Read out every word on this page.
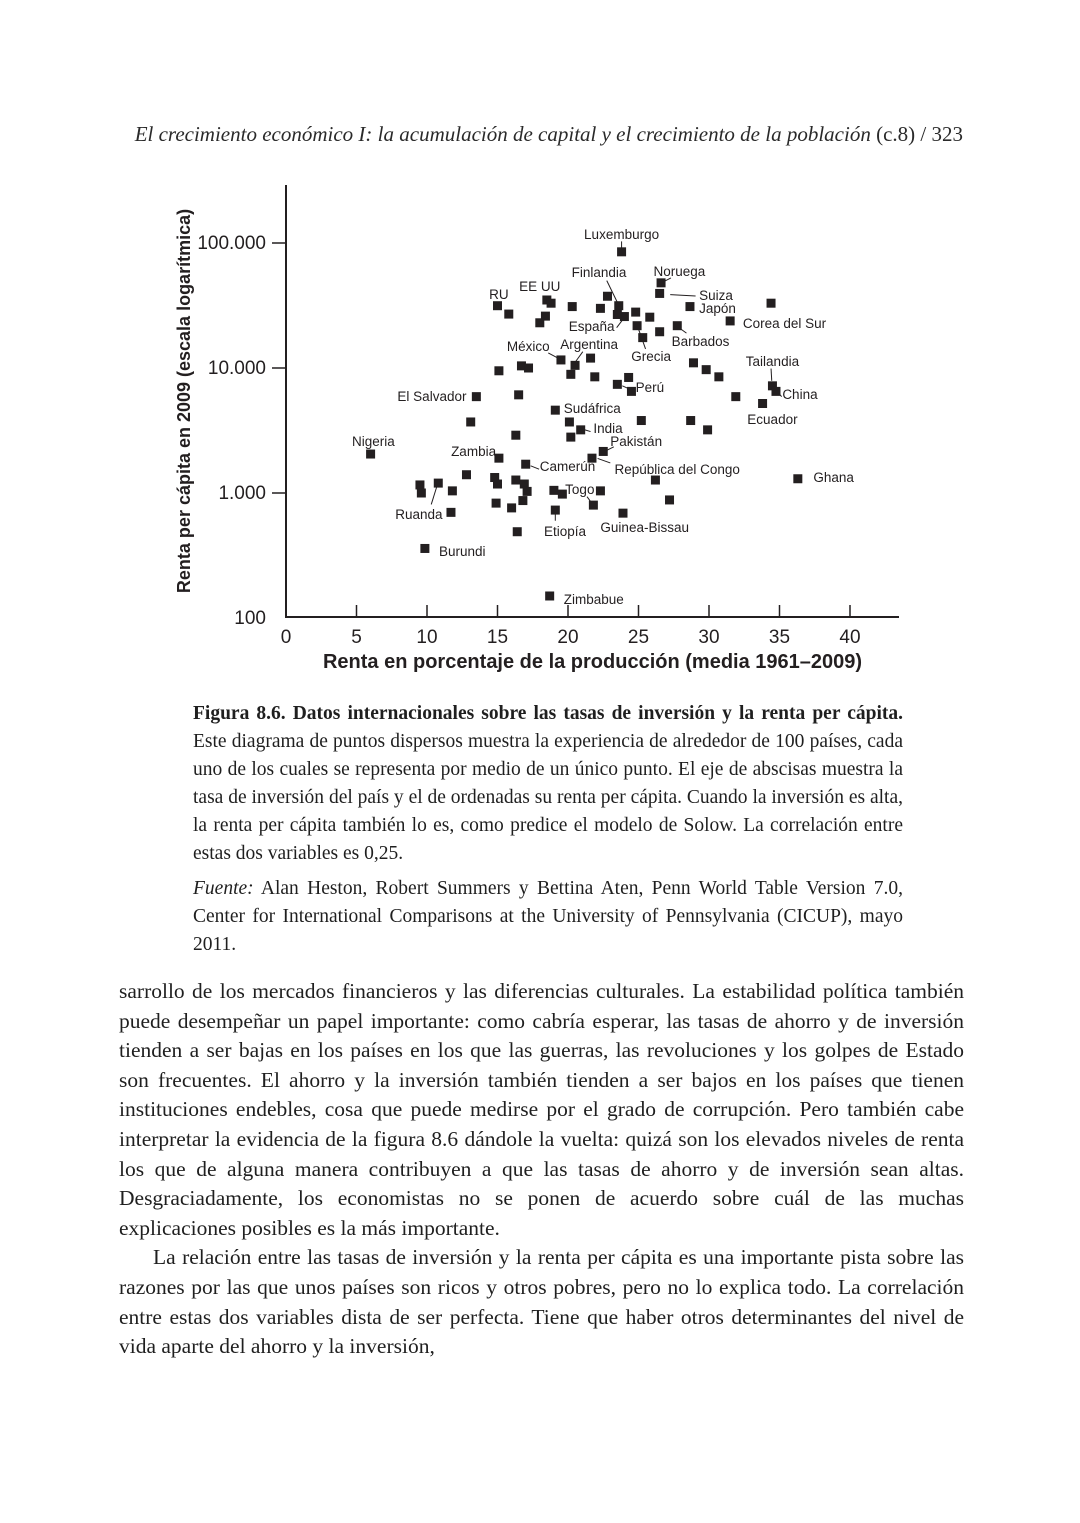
El crecimiento económico I: la acumulación de capital y el crecimiento de la población (c.8) / 323
0	5	10	15	20	25	30	35	40
100.000
10.000
1.000
100
Luxemburgo
Noruega
Suiza
EE UU
Finlandia
RU
Japón
España	Corea del Sur
Barbados
Grecia
México Argentina
Perú
Tailandia
China
Ecuador
El Salvador
Sudáfrica
India
Pakistán
República del Congo
Nigeria
Zambia
Camerún
Togo
Ghana
Ruanda
Etiopía Guinea-Bissau
Burundi
Zimbabue
Renta en porcentaje de la producción (media 1961–2009)
Renta per cápita en 2009 (escala logarítmica)

Figura 8.6. Datos internacionales sobre las tasas de inversión y la renta per cápita. Este diagrama de puntos dispersos muestra la experiencia de alrededor de 100 países, cada uno de los cuales se representa por medio de un único punto. El eje de abscisas muestra la tasa de inversión del país y el de ordenadas su renta per cápita. Cuando la inversión es alta, la renta per cápita también lo es, como predice el modelo de Solow. La correlación entre estas dos variables es 0,25.

Fuente: Alan Heston, Robert Summers y Bettina Aten, Penn World Table Version 7.0, Center for International Comparisons at the University of Pennsylvania (CICUP), mayo 2011.

sarrollo de los mercados financieros y las diferencias culturales. La estabilidad política también puede desempeñar un papel importante: como cabría esperar, las tasas de ahorro y de inversión tienden a ser bajas en los países en los que las guerras, las revoluciones y los golpes de Estado son frecuentes. El ahorro y la inversión también tienden a ser bajos en los países que tienen instituciones endebles, cosa que puede medirse por el grado de corrupción. Pero también cabe interpretar la evidencia de la figura 8.6 dándole la vuelta: quizá son los elevados niveles de renta los que de alguna manera contribuyen a que las tasas de ahorro y de inversión sean altas. Desgraciadamente, los economistas no se ponen de acuerdo sobre cuál de las muchas explicaciones posibles es la más importante.

La relación entre las tasas de inversión y la renta per cápita es una importante pista sobre las razones por las que unos países son ricos y otros pobres, pero no lo explica todo. La correlación entre estas dos variables dista de ser perfecta. Tiene que haber otros determinantes del nivel de vida aparte del ahorro y la inversión,
